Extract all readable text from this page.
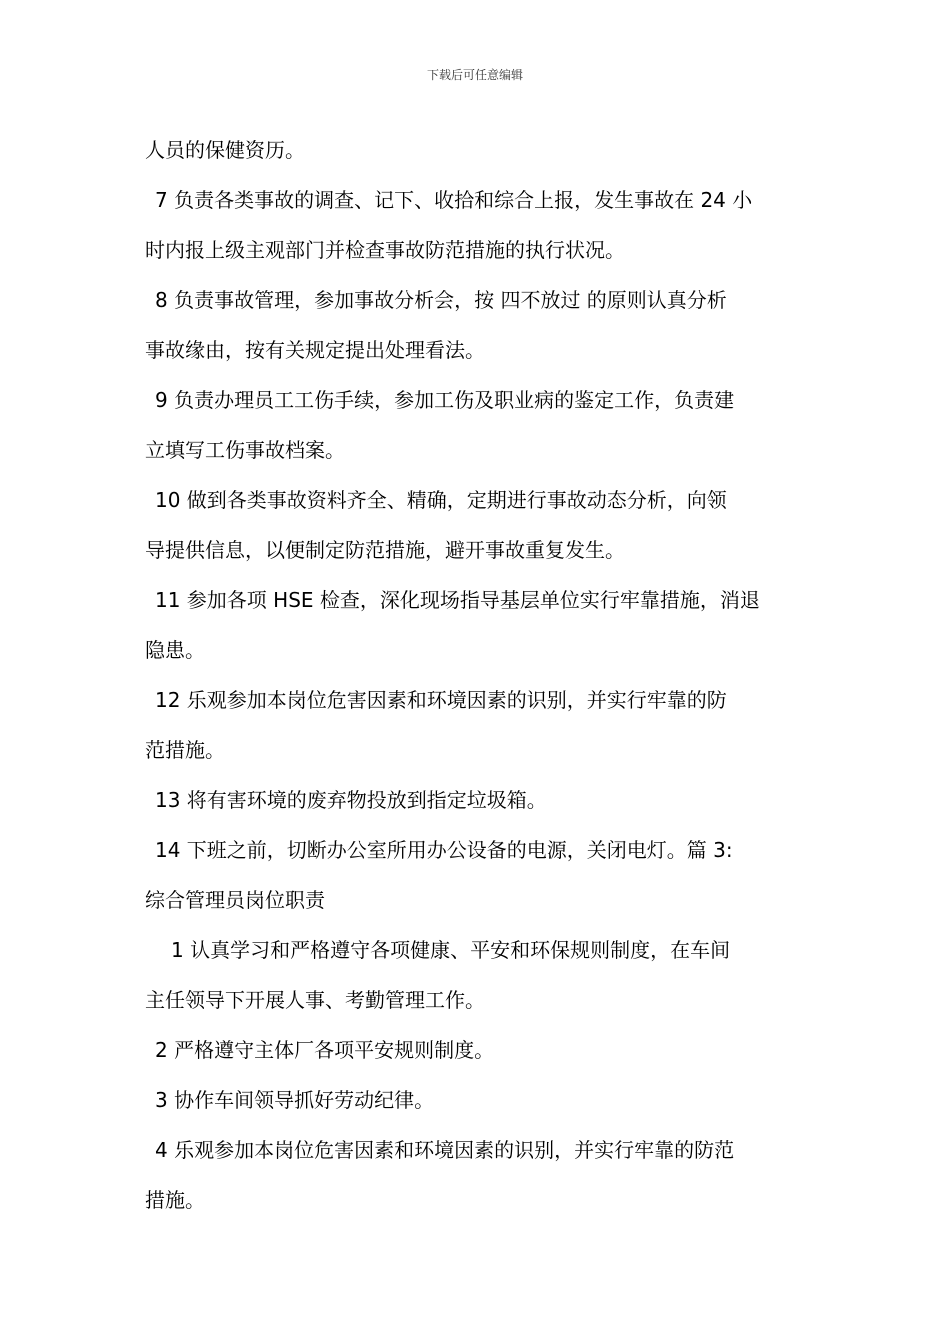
下载后可任意编辑

人员的保健资历。

7 负责各类事故的调查、记下、收拾和综合上报，发生事故在 24 小

时内报上级主观部门并检查事故防范措施的执行状况。

8 负责事故管理，参加事故分析会，按 四不放过 的原则认真分析

事故缘由，按有关规定提出处理看法。

9 负责办理员工工伤手续，参加工伤及职业病的鉴定工作，负责建

立填写工伤事故档案。

10 做到各类事故资料齐全、精确，定期进行事故动态分析，向领

导提供信息，以便制定防范措施，避开事故重复发生。

11 参加各项 HSE 检查，深化现场指导基层单位实行牢靠措施，消退

隐患。

12 乐观参加本岗位危害因素和环境因素的识别，并实行牢靠的防

范措施。

13 将有害环境的废弃物投放到指定垃圾箱。

14 下班之前，切断办公室所用办公设备的电源，关闭电灯。篇 3:

综合管理员岗位职责

1 认真学习和严格遵守各项健康、平安和环保规则制度，在车间

主任领导下开展人事、考勤管理工作。

2 严格遵守主体厂各项平安规则制度。

3 协作车间领导抓好劳动纪律。

4 乐观参加本岗位危害因素和环境因素的识别，并实行牢靠的防范

措施。
